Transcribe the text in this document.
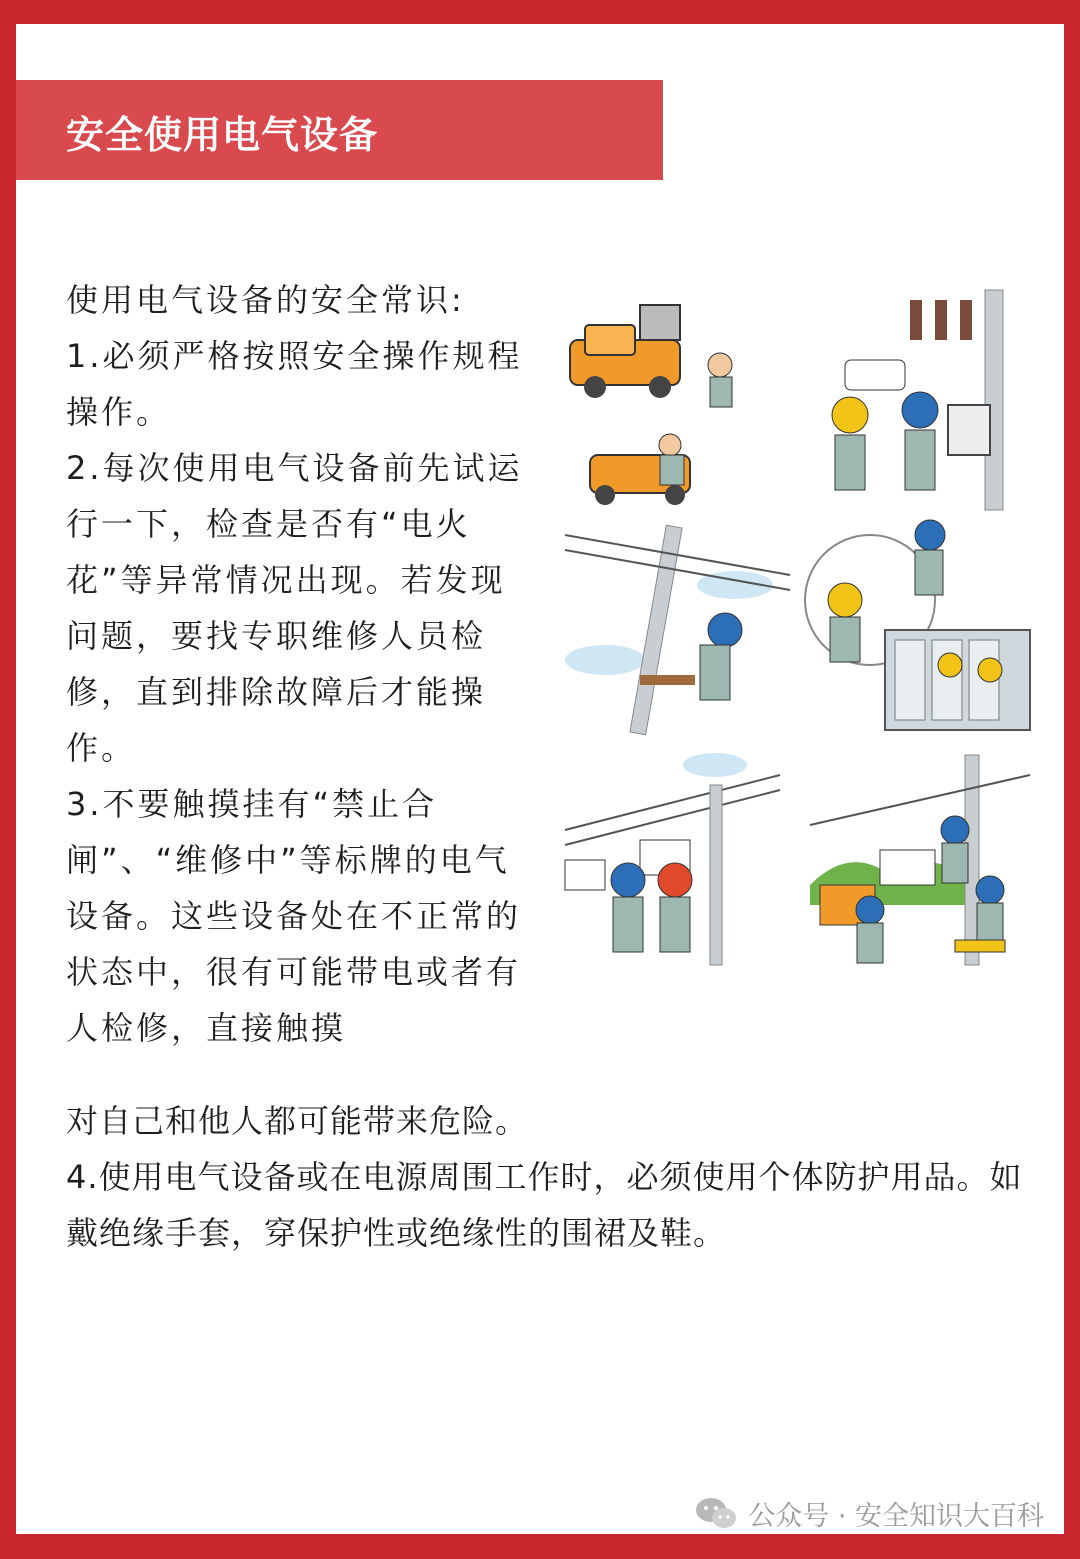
安全使用电气设备

使用电气设备的安全常识:

1.必须严格按照安全操作规程操作。

2.每次使用电气设备前先试运行一下，检查是否有“电火花”等异常情况出现。若发现问题，要找专职维修人员检修，直到排除故障后才能操作。

3.不要触摸挂有“禁止合闸”、“维修中”等标牌的电气设备。这些设备处在不正常的状态中，很有可能带电或者有人检修，直接触摸

对自己和他人都可能带来危险。

4.使用电气设备或在电源周围工作时，必须使用个体防护用品。如戴绝缘手套，穿保护性或绝缘性的围裙及鞋。

公众号 · 安全知识大百科
